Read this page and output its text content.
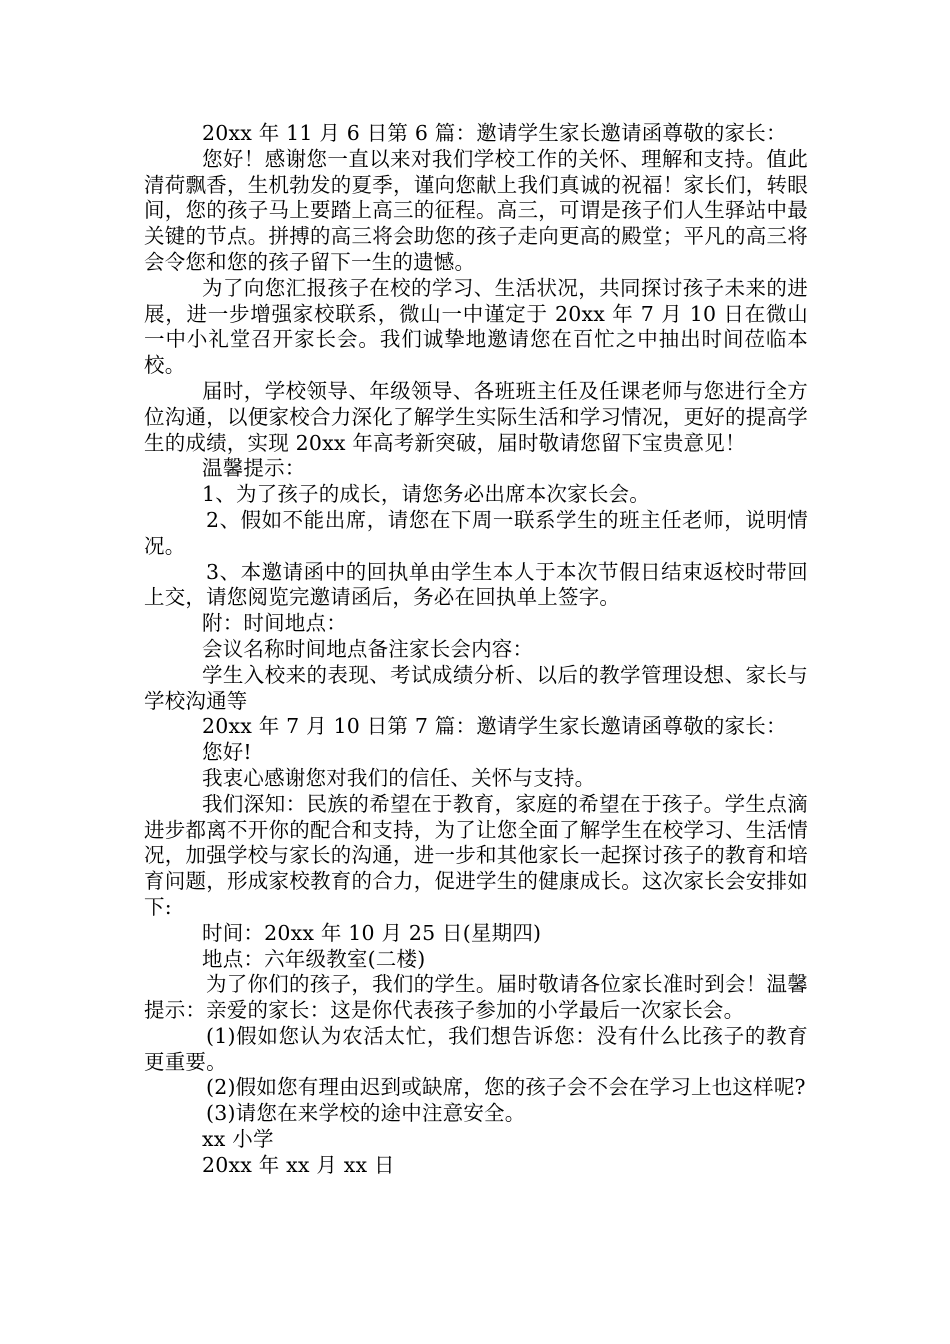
20xx 年 11 月 6 日第 6 篇：邀请学生家长邀请函尊敬的家长：

您好！感谢您一直以来对我们学校工作的关怀、理解和支持。值此清荷飘香，生机勃发的夏季，谨向您献上我们真诚的祝福！家长们，转眼间，您的孩子马上要踏上高三的征程。高三，可谓是孩子们人生驿站中最关键的节点。拼搏的高三将会助您的孩子走向更高的殿堂；平凡的高三将会令您和您的孩子留下一生的遗憾。

为了向您汇报孩子在校的学习、生活状况，共同探讨孩子未来的进展，进一步增强家校联系，微山一中谨定于 20xx 年 7 月 10 日在微山一中小礼堂召开家长会。我们诚挚地邀请您在百忙之中抽出时间莅临本校。

届时，学校领导、年级领导、各班班主任及任课老师与您进行全方位沟通，以便家校合力深化了解学生实际生活和学习情况，更好的提高学生的成绩，实现 20xx 年高考新突破，届时敬请您留下宝贵意见！

温馨提示：

1、为了孩子的成长，请您务必出席本次家长会。

2、假如不能出席，请您在下周一联系学生的班主任老师，说明情况。

3、本邀请函中的回执单由学生本人于本次节假日结束返校时带回上交，请您阅览完邀请函后，务必在回执单上签字。

附：时间地点：

会议名称时间地点备注家长会内容：

学生入校来的表现、考试成绩分析、以后的教学管理设想、家长与学校沟通等

20xx 年 7 月 10 日第 7 篇：邀请学生家长邀请函尊敬的家长：

您好!

我衷心感谢您对我们的信任、关怀与支持。

我们深知：民族的希望在于教育，家庭的希望在于孩子。学生点滴进步都离不开你的配合和支持，为了让您全面了解学生在校学习、生活情况，加强学校与家长的沟通，进一步和其他家长一起探讨孩子的教育和培育问题，形成家校教育的合力，促进学生的健康成长。这次家长会安排如下:

时间：20xx 年 10 月 25 日(星期四)

地点：六年级教室(二楼)

为了你们的孩子，我们的学生。届时敬请各位家长准时到会！温馨提示：亲爱的家长：这是你代表孩子参加的小学最后一次家长会。

(1)假如您认为农活太忙，我们想告诉您：没有什么比孩子的教育更重要。

(2)假如您有理由迟到或缺席，您的孩子会不会在学习上也这样呢?

(3)请您在来学校的途中注意安全。

xx 小学

20xx 年 xx 月 xx 日
